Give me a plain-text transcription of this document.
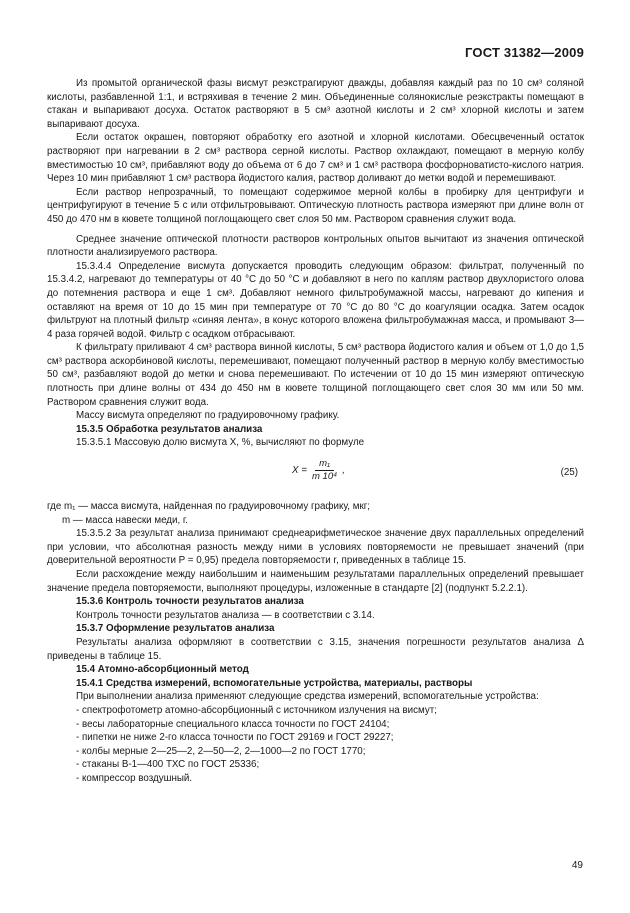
ГОСТ 31382—2009

Из промытой органической фазы висмут реэкстрагируют дважды, добавляя каждый раз по 10 см³ соляной кислоты, разбавленной 1:1, и встряхивая в течение 2 мин. Объединенные солянокислые реэкстракты помещают в стакан и выпаривают досуха. Остаток растворяют в 5 см³ азотной кислоты и 2 см³ хлорной кислоты и затем выпаривают досуха.

Если остаток окрашен, повторяют обработку его азотной и хлорной кислотами. Обесцвеченный остаток растворяют при нагревании в 2 см³ раствора серной кислоты. Раствор охлаждают, помещают в мерную колбу вместимостью 10 см³, прибавляют воду до объема от 6 до 7 см³ и 1 см³ раствора фосфорноватисто-кислого натрия. Через 10 мин прибавляют 1 см³ раствора йодистого калия, раствор доливают до метки водой и перемешивают.

Если раствор непрозрачный, то помещают содержимое мерной колбы в пробирку для центрифуги и центрифугируют в течение 5 с или отфильтровывают. Оптическую плотность раствора измеряют при длине волн от 450 до 470 нм в кювете толщиной поглощающего свет слоя 50 мм. Раствором сравнения служит вода.

Среднее значение оптической плотности растворов контрольных опытов вычитают из значения оптической плотности анализируемого раствора.

15.3.4.4 Определение висмута допускается проводить следующим образом: фильтрат, полученный по 15.3.4.2, нагревают до температуры от 40 °С до 50 °С и добавляют в него по каплям раствор двухлористого олова до потемнения раствора и еще 1 см³. Добавляют немного фильтробумажной массы, нагревают до кипения и оставляют на время от 10 до 15 мин при температуре от 70 °С до 80 °С до коагуляции осадка. Затем осадок фильтруют на плотный фильтр «синяя лента», в конус которого вложена фильтробумажная масса, и промывают 3—4 раза горячей водой. Фильтр с осадком отбрасывают.

К фильтрату приливают 4 см³ раствора винной кислоты, 5 см³ раствора йодистого калия и объем от 1,0 до 1,5 см³ раствора аскорбиновой кислоты, перемешивают, помещают полученный раствор в мерную колбу вместимостью 50 см³, разбавляют водой до метки и снова перемешивают. По истечении от 10 до 15 мин измеряют оптическую плотность при длине волны от 434 до 450 нм в кювете толщиной поглощающего свет слоя 30 мм или 50 мм. Раствором сравнения служит вода.

Массу висмута определяют по градуировочному графику.

15.3.5 Обработка результатов анализа

15.3.5.1 Массовую долю висмута X, %, вычисляют по формуле

$X = \frac{\text{m₁}}{\text{m 10⁴}}$ ,	(25)

где m₁ — масса висмута, найденная по градуировочному графику, мкг;

m — масса навески меди, г.

15.3.5.2 За результат анализа принимают среднеарифметическое значение двух параллельных определений при условии, что абсолютная разность между ними в условиях повторяемости не превышает значений (при доверительной вероятности P = 0,95) предела повторяемости r, приведенных в таблице 15.

Если расхождение между наибольшим и наименьшим результатами параллельных определений превышает значение предела повторяемости, выполняют процедуры, изложенные в стандарте [2] (подпункт 5.2.2.1).

15.3.6 Контроль точности результатов анализа

Контроль точности результатов анализа — в соответствии с 3.14.

15.3.7 Оформление результатов анализа

Результаты анализа оформляют в соответствии с 3.15, значения погрешности результатов анализа Δ приведены в таблице 15.

15.4 Атомно-абсорбционный метод

15.4.1 Средства измерений, вспомогательные устройства, материалы, растворы

При выполнении анализа применяют следующие средства измерений, вспомогательные устройства:

- спектрофотометр атомно-абсорбционный с источником излучения на висмут;

- весы лабораторные специального класса точности по ГОСТ 24104;

- пипетки не ниже 2-го класса точности по ГОСТ 29169 и ГОСТ 29227;

- колбы мерные 2—25—2, 2—50—2, 2—1000—2 по ГОСТ 1770;

- стаканы В-1—400 ТХС по ГОСТ 25336;

- компрессор воздушный.

49
